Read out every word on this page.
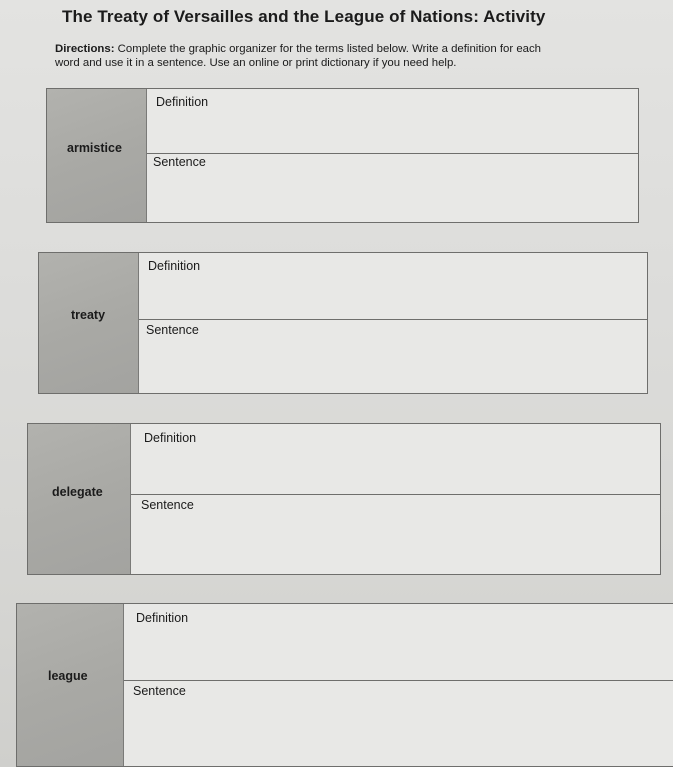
The Treaty of Versailles and the League of Nations: Activity
Directions: Complete the graphic organizer for the terms listed below. Write a definition for each
word and use it in a sentence. Use an online or print dictionary if you need help.
armistice
Definition
Sentence
treaty
Definition
Sentence
delegate
Definition
Sentence
league
Definition
Sentence
